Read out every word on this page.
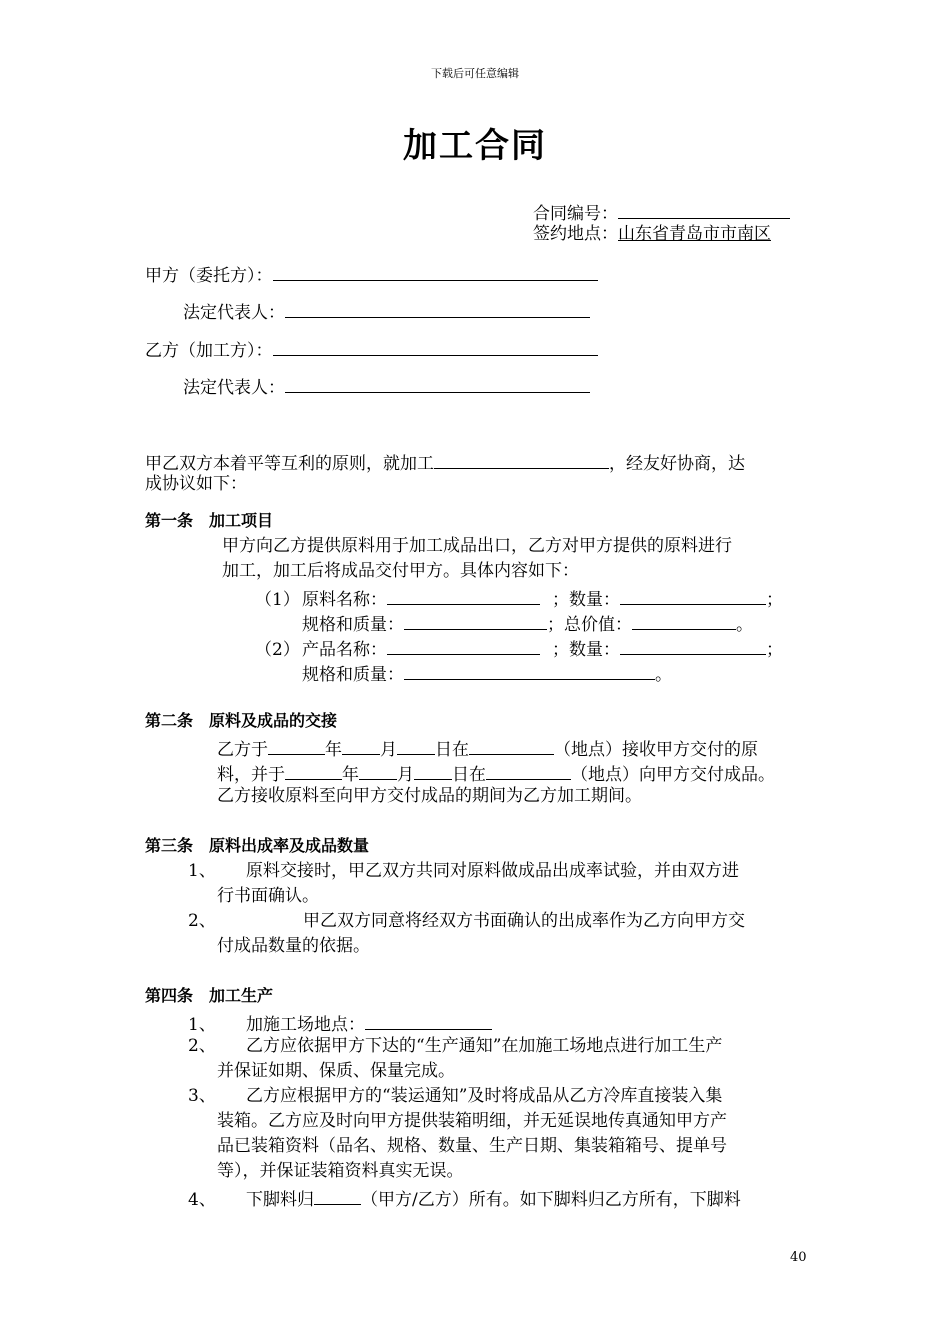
下载后可任意编辑
加工合同
合同编号：
签约地点：山东省青岛市市南区
甲方（委托方）：
法定代表人：
乙方（加工方）：
法定代表人：
甲乙双方本着平等互利的原则，就加工	，经友好协商，达
成协议如下：
第一条　加工项目
甲方向乙方提供原料用于加工成品出口，乙方对甲方提供的原料进行
加工，加工后将成品交付甲方。具体内容如下：
（1） 原料名称：	；数量：	；
规格和质量：	；总价值：	。
（2） 产品名称：	；数量：	；
规格和质量：	。
第二条　原料及成品的交接
乙方于	年 月 日在	（地点）接收甲方交付的原
料，并于	年 月 日在	（地点）向甲方交付成品。
乙方接收原料至向甲方交付成品的期间为乙方加工期间。
第三条　原料出成率及成品数量
1、 原料交接时，甲乙双方共同对原料做成品出成率试验，并由双方进
行书面确认。
2、	甲乙双方同意将经双方书面确认的出成率作为乙方向甲方交
付成品数量的依据。
第四条　加工生产
1、 加施工场地点：
2、 乙方应依据甲方下达的“生产通知”在加施工场地点进行加工生产
并保证如期、保质、保量完成。
3、 乙方应根据甲方的“装运通知”及时将成品从乙方冷库直接装入集
装箱。乙方应及时向甲方提供装箱明细，并无延误地传真通知甲方产
品已装箱资料（品名、规格、数量、生产日期、集装箱箱号、提单号
等），并保证装箱资料真实无误。
4、 下脚料归	（甲方/乙方）所有。如下脚料归乙方所有，下脚料
40
